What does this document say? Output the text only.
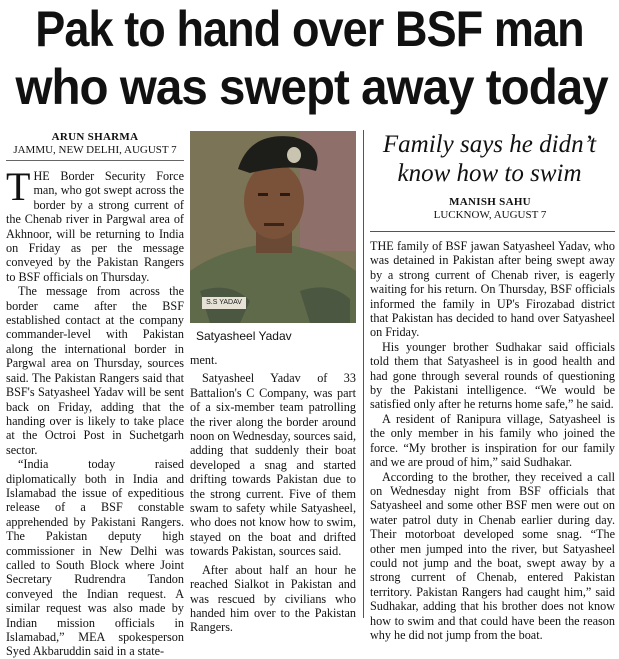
Pak to hand over BSF man
who was swept away today
ARUN SHARMA
JAMMU, NEW DELHI, AUGUST 7

THE Border Security Force man, who got swept across the border by a strong current of the Chenab river in Pargwal area of Akhnoor, will be returning to India on Friday as per the message conveyed by the Pakistan Rangers to BSF officials on Thursday.

The message from across the border came after the BSF established contact at the company commander-level with Pakistan along the international border in Pargwal area on Thursday, sources said. The Pakistan Rangers said that BSF's Satyasheel Yadav will be sent back on Friday, adding that the handing over is likely to take place at the Octroi Post in Suchetgarh sector.

“India today raised diplomatically both in India and Islamabad the issue of expeditious release of a BSF constable apprehended by Pakistani Rangers. The Pakistan deputy high commissioner in New Delhi was called to South Block where Joint Secretary Rudrendra Tandon conveyed the Indian request. A similar request was also made by Indian mission officials in Islamabad,” MEA spokesperson Syed Akbaruddin said in a state-

S.S YADAV
Satyasheel Yadav

ment.

Satyasheel Yadav of 33 Battalion's C Company, was part of a six-member team patrolling the river along the border around noon on Wednesday, sources said, adding that suddenly their boat developed a snag and started drifting towards Pakistan due to the strong current. Five of them swam to safety while Satyasheel, who does not know how to swim, stayed on the boat and drifted towards Pakistan, sources said.

After about half an hour he reached Sialkot in Pakistan and was rescued by civilians who handed him over to the Pakistan Rangers.

Family says he didn’t know how to swim
MANISH SAHU
LUCKNOW, AUGUST 7

THE family of BSF jawan Satyasheel Yadav, who was detained in Pakistan after being swept away by a strong current of Chenab river, is eagerly waiting for his return. On Thursday, BSF officials informed the family in UP's Firozabad district that Pakistan has decided to hand over Satyasheel on Friday.

His younger brother Sudhakar said officials told them that Satyasheel is in good health and had gone through several rounds of questioning by the Pakistani intelligence. “We would be satisfied only after he returns home safe,” he said.

A resident of Ranipura village, Satyasheel is the only member in his family who joined the force. “My brother is inspiration for our family and we are proud of him,” said Sudhakar.

According to the brother, they received a call on Wednesday night from BSF officials that Satyasheel and some other BSF men were out on water patrol duty in Chenab earlier during day. Their motorboat developed some snag. “The other men jumped into the river, but Satyasheel could not jump and the boat, swept away by a strong current of Chenab, entered Pakistan territory. Pakistan Rangers had caught him,” said Sudhakar, adding that his brother does not know how to swim and that could have been the reason why he did not jump from the boat.
